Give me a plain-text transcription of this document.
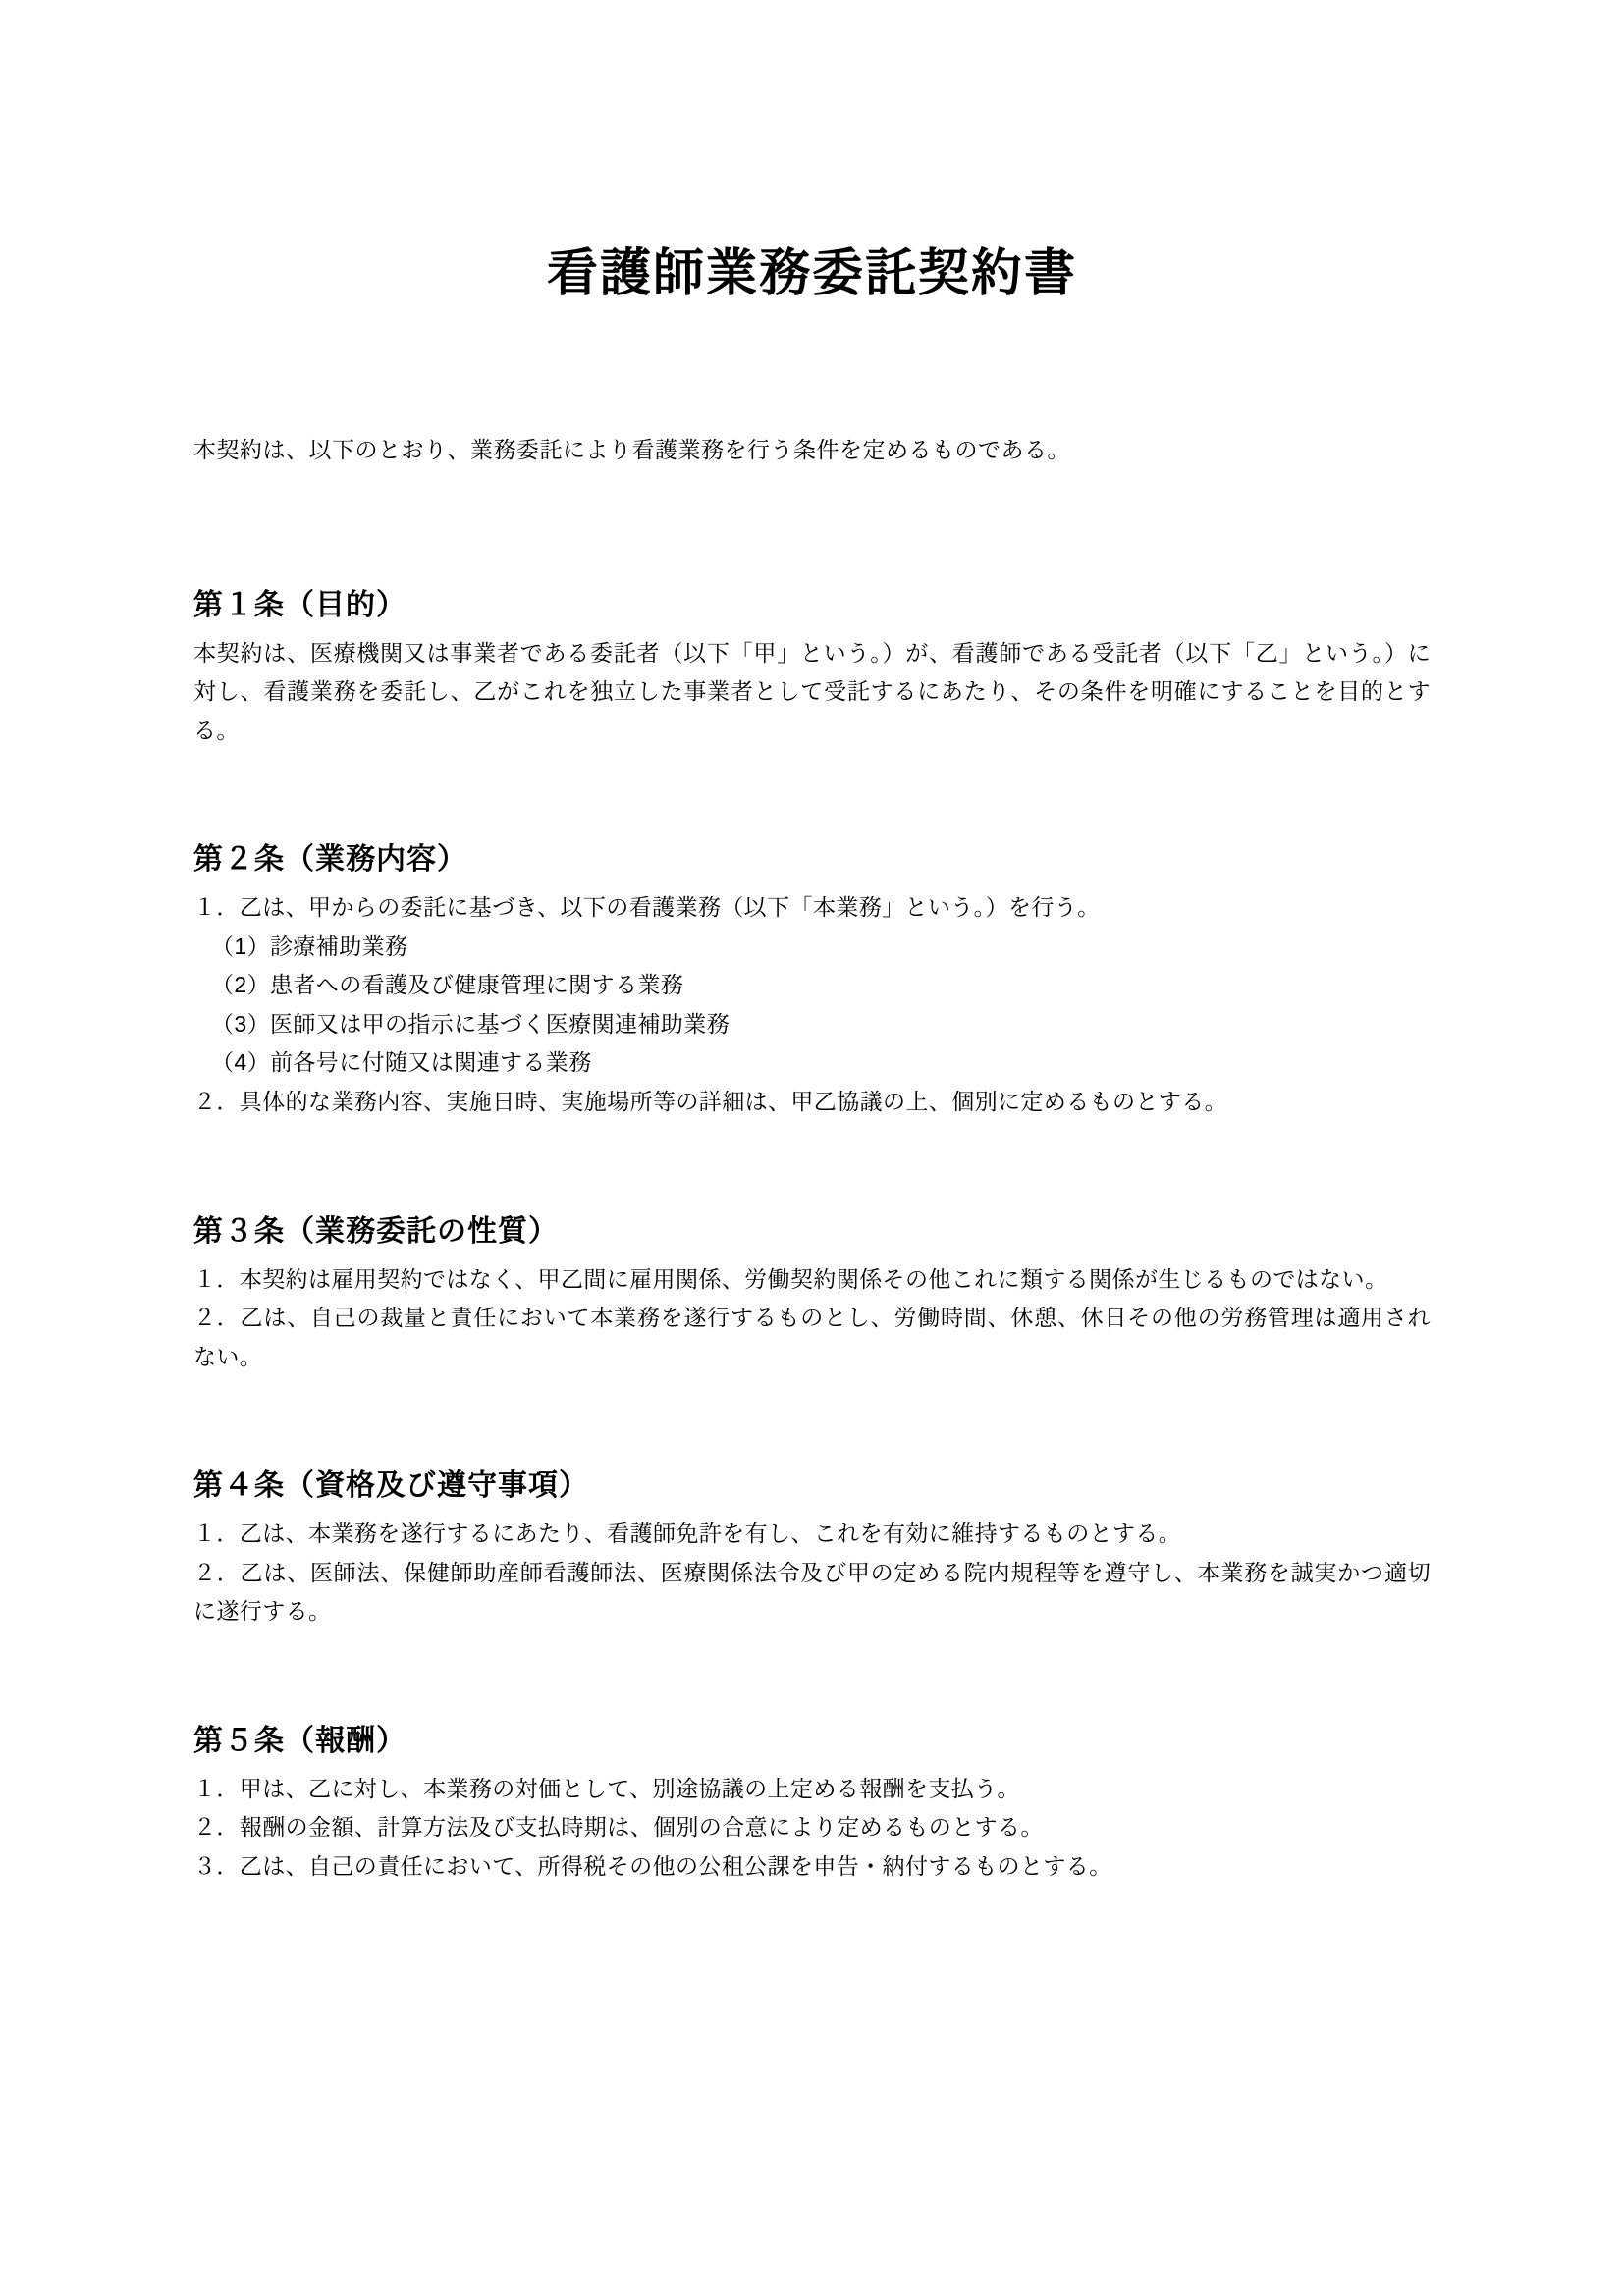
看護師業務委託契約書

本契約は、以下のとおり、業務委託により看護業務を行う条件を定めるものである。

第１条（目的）

本契約は、医療機関又は事業者である委託者（以下「甲」という。）が、看護師である受託者（以下「乙」という。）に対し、看護業務を委託し、乙がこれを独立した事業者として受託するにあたり、その条件を明確にすることを目的とする。

第２条（業務内容）

１．乙は、甲からの委託に基づき、以下の看護業務（以下「本業務」という。）を行う。

（1）診療補助業務
（2）患者への看護及び健康管理に関する業務
（3）医師又は甲の指示に基づく医療関連補助業務
（4）前各号に付随又は関連する業務

２．具体的な業務内容、実施日時、実施場所等の詳細は、甲乙協議の上、個別に定めるものとする。

第３条（業務委託の性質）

１．本契約は雇用契約ではなく、甲乙間に雇用関係、労働契約関係その他これに類する関係が生じるものではない。

２．乙は、自己の裁量と責任において本業務を遂行するものとし、労働時間、休憩、休日その他の労務管理は適用されない。

第４条（資格及び遵守事項）

１．乙は、本業務を遂行するにあたり、看護師免許を有し、これを有効に維持するものとする。

２．乙は、医師法、保健師助産師看護師法、医療関係法令及び甲の定める院内規程等を遵守し、本業務を誠実かつ適切に遂行する。

第５条（報酬）

１．甲は、乙に対し、本業務の対価として、別途協議の上定める報酬を支払う。

２．報酬の金額、計算方法及び支払時期は、個別の合意により定めるものとする。

３．乙は、自己の責任において、所得税その他の公租公課を申告・納付するものとする。
